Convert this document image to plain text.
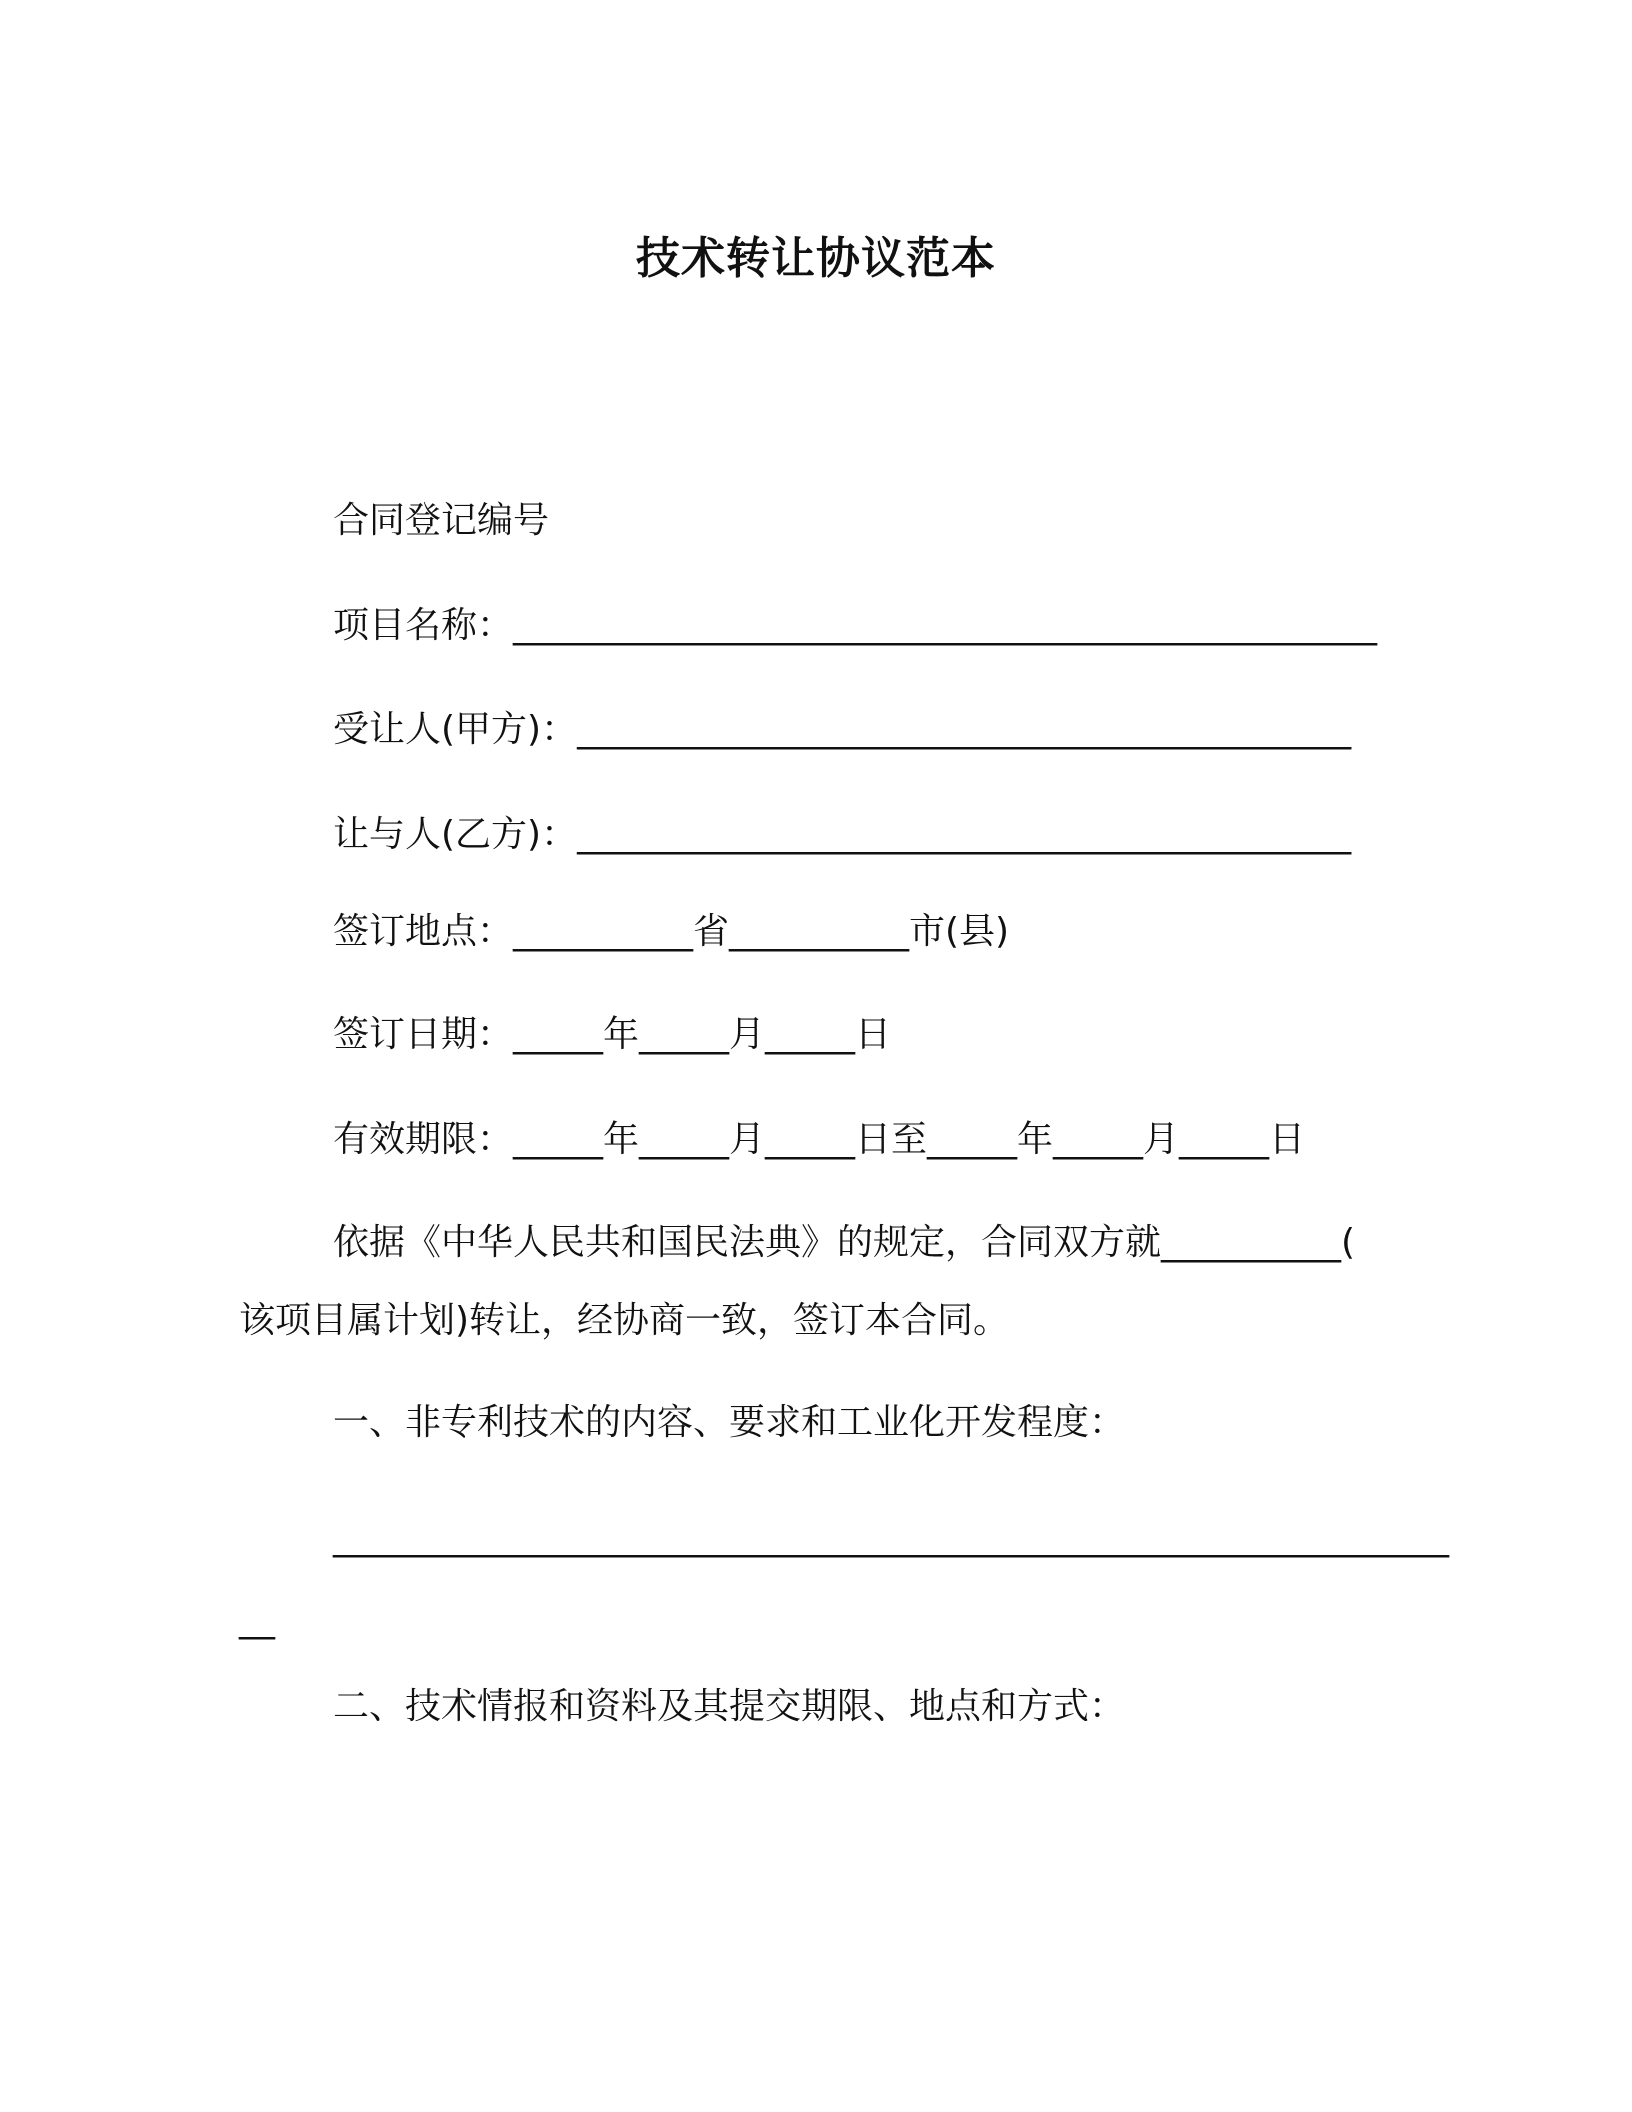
技术转让协议范本
合同登记编号
项目名称：________________________________________________
受让人(甲方)：___________________________________________
让与人(乙方)：___________________________________________
签订地点：__________省__________市(县)
签订日期：_____年_____月_____日
有效期限：_____年_____月_____日至_____年_____月_____日
依据《中华人民共和国民法典》的规定，合同双方就__________(
该项目属计划)转让，经协商一致，签订本合同。
一、非专利技术的内容、要求和工业化开发程度：
______________________________________________________________
__
二、技术情报和资料及其提交期限、地点和方式：
